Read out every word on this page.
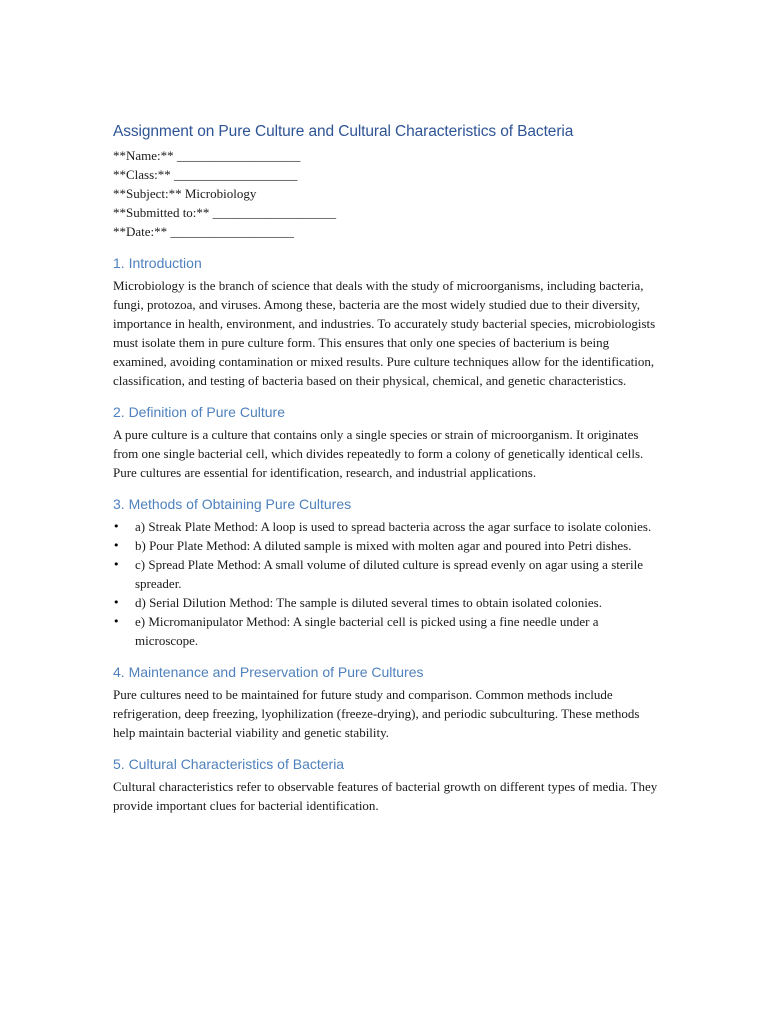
Assignment on Pure Culture and Cultural Characteristics of Bacteria

**Name:** ___________________

**Class:** ___________________

**Subject:** Microbiology

**Submitted to:** ___________________

**Date:** ___________________

1. Introduction

Microbiology is the branch of science that deals with the study of microorganisms, including bacteria, fungi, protozoa, and viruses. Among these, bacteria are the most widely studied due to their diversity, importance in health, environment, and industries. To accurately study bacterial species, microbiologists must isolate them in pure culture form. This ensures that only one species of bacterium is being examined, avoiding contamination or mixed results. Pure culture techniques allow for the identification, classification, and testing of bacteria based on their physical, chemical, and genetic characteristics.

2. Definition of Pure Culture

A pure culture is a culture that contains only a single species or strain of microorganism. It originates from one single bacterial cell, which divides repeatedly to form a colony of genetically identical cells. Pure cultures are essential for identification, research, and industrial applications.

3. Methods of Obtaining Pure Cultures
• a) Streak Plate Method: A loop is used to spread bacteria across the agar surface to isolate colonies.
• b) Pour Plate Method: A diluted sample is mixed with molten agar and poured into Petri dishes.
• c) Spread Plate Method: A small volume of diluted culture is spread evenly on agar using a sterile spreader.
• d) Serial Dilution Method: The sample is diluted several times to obtain isolated colonies.
• e) Micromanipulator Method: A single bacterial cell is picked using a fine needle under a microscope.
4. Maintenance and Preservation of Pure Cultures

Pure cultures need to be maintained for future study and comparison. Common methods include refrigeration, deep freezing, lyophilization (freeze-drying), and periodic subculturing. These methods help maintain bacterial viability and genetic stability.

5. Cultural Characteristics of Bacteria

Cultural characteristics refer to observable features of bacterial growth on different types of media. They provide important clues for bacterial identification.
